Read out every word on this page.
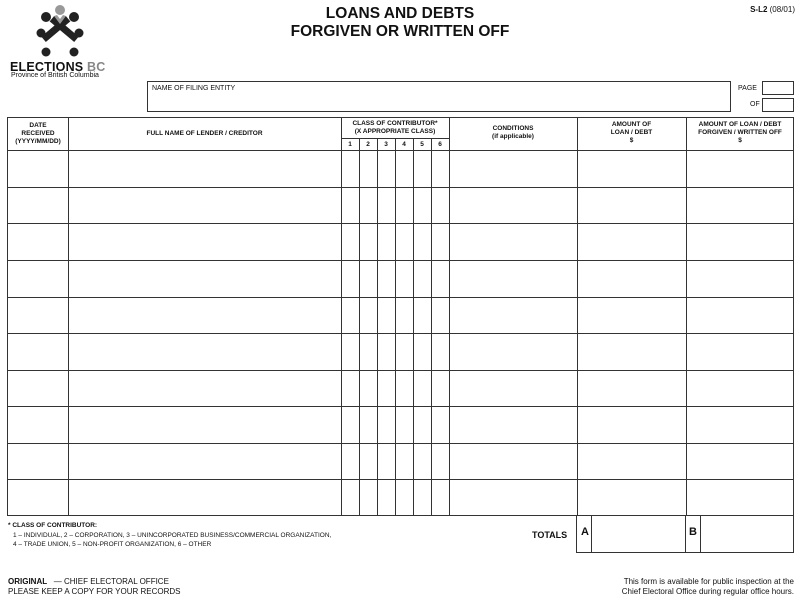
ELECTIONS BC
Province of British Columbia
LOANS AND DEBTS
FORGIVEN OR WRITTEN OFF
S-L2 (08/01)
NAME OF FILING ENTITY	PAGE
OF
DATE
RECEIVED
(YYYY/MM/DD)
FULL NAME OF LENDER / CREDITOR
CLASS OF CONTRIBUTOR*
(X APPROPRIATE CLASS)
1	2	3	4	5	6
CONDITIONS
(if applicable)
AMOUNT OF
LOAN / DEBT
$
AMOUNT OF LOAN / DEBT
FORGIVEN / WRITTEN OFF
$
TOTALS A	B
* CLASS OF CONTRIBUTOR:
1 – INDIVIDUAL, 2 – CORPORATION, 3 – UNINCORPORATED BUSINESS/COMMERCIAL ORGANIZATION,
4 – TRADE UNION, 5 – NON-PROFIT ORGANIZATION, 6 – OTHER
ORIGINAL — CHIEF ELECTORAL OFFICE
PLEASE KEEP A COPY FOR YOUR RECORDS
This form is available for public inspection at the
Chief Electoral Office during regular office hours.
